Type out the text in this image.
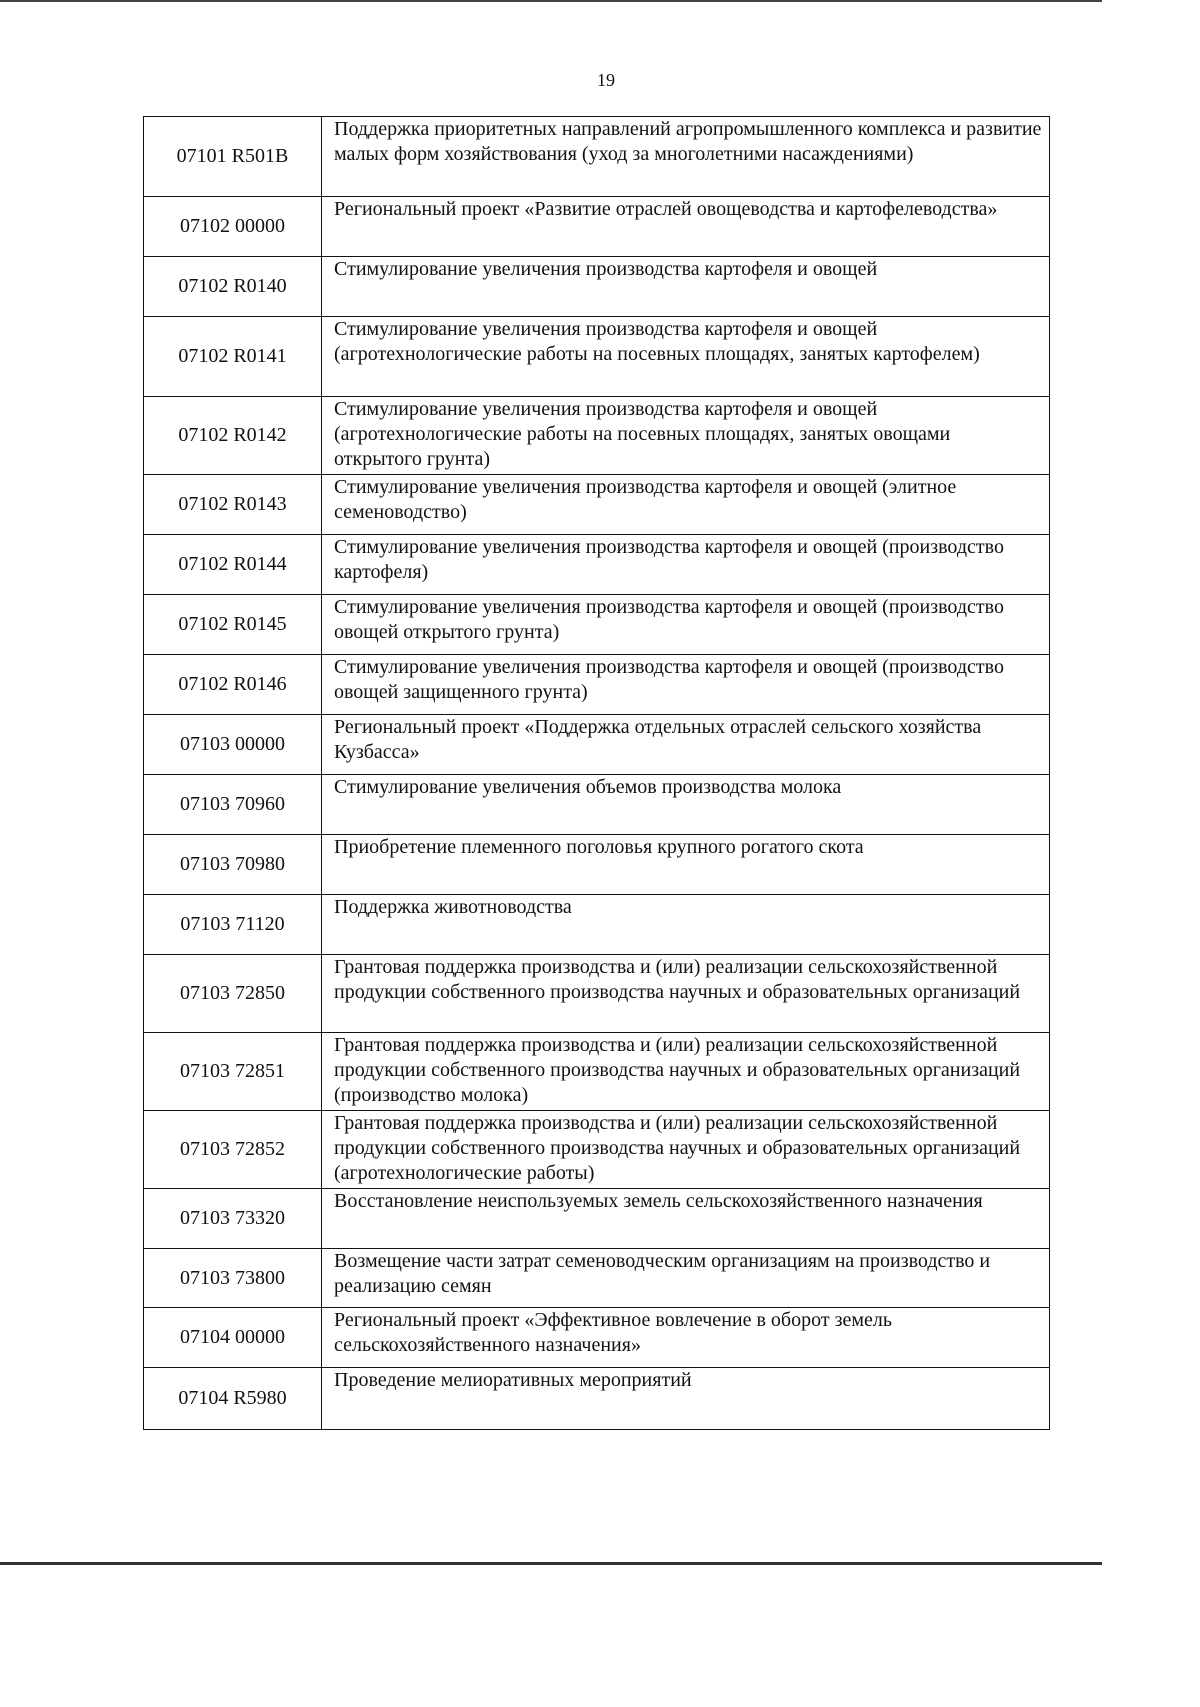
19
07101 R501B	Поддержка приоритетных направлений агропромышленного комплекса и развитие малых форм хозяйствования (уход за многолетними насаждениями)
07102 00000	Региональный проект «Развитие отраслей овощеводства и картофелеводства»
07102 R0140	Стимулирование увеличения производства картофеля и овощей
07102 R0141	Стимулирование увеличения производства картофеля и овощей (агротехнологические работы на посевных площадях, занятых картофелем)
07102 R0142	Стимулирование увеличения производства картофеля и овощей (агротехнологические работы на посевных площадях, занятых овощами открытого грунта)
07102 R0143	Стимулирование увеличения производства картофеля и овощей (элитное семеноводство)
07102 R0144	Стимулирование увеличения производства картофеля и овощей (производство картофеля)
07102 R0145	Стимулирование увеличения производства картофеля и овощей (производство овощей открытого грунта)
07102 R0146	Стимулирование увеличения производства картофеля и овощей (производство овощей защищенного грунта)
07103 00000	Региональный проект «Поддержка отдельных отраслей сельского хозяйства Кузбасса»
07103 70960	Стимулирование увеличения объемов производства молока
07103 70980	Приобретение племенного поголовья крупного рогатого скота
07103 71120	Поддержка животноводства
07103 72850	Грантовая поддержка производства и (или) реализации сельскохозяйственной продукции собственного производства научных и образовательных организаций
07103 72851	Грантовая поддержка производства и (или) реализации сельскохозяйственной продукции собственного производства научных и образовательных организаций (производство молока)
07103 72852	Грантовая поддержка производства и (или) реализации сельскохозяйственной продукции собственного производства научных и образовательных организаций (агротехнологические работы)
07103 73320	Восстановление неиспользуемых земель сельскохозяйственного назначения
07103 73800	Возмещение части затрат семеноводческим организациям на производство и реализацию семян
07104 00000	Региональный проект «Эффективное вовлечение в оборот земель сельскохозяйственного назначения»
07104 R5980	Проведение мелиоративных мероприятий
